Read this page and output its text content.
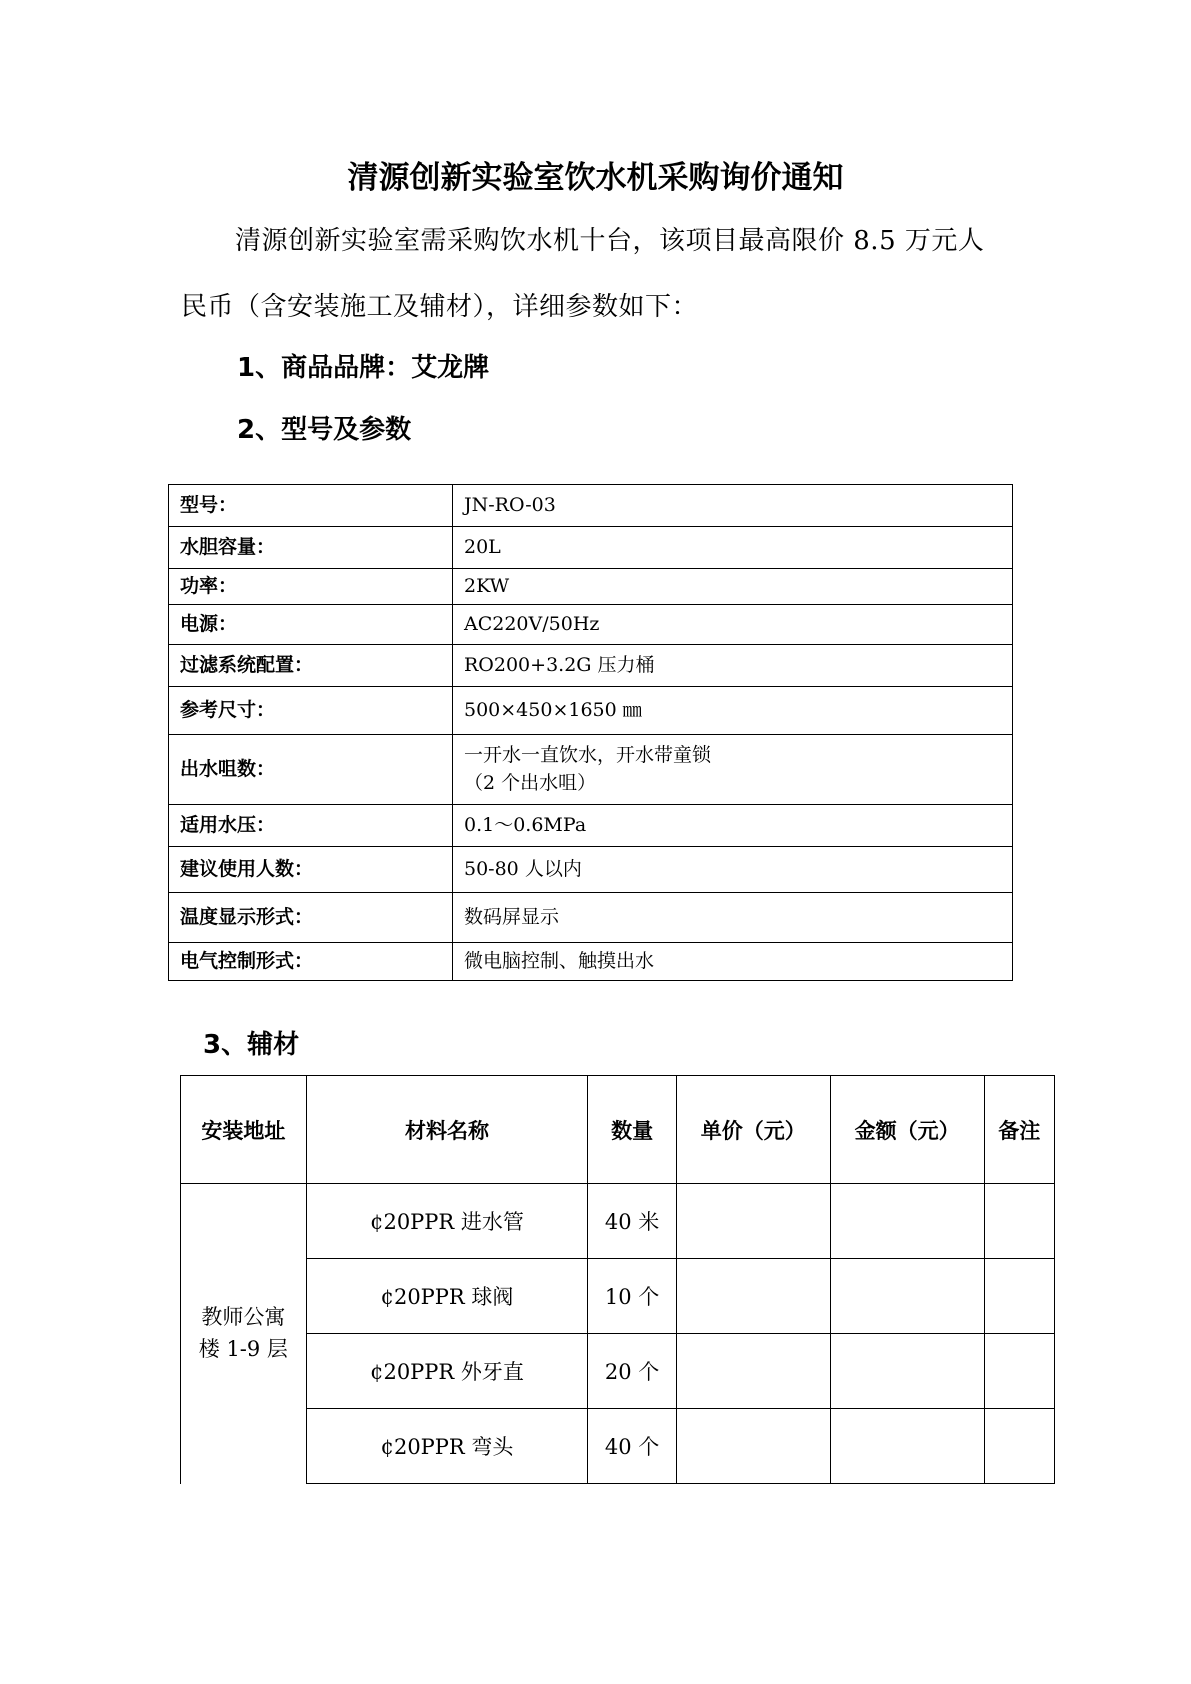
清源创新实验室饮水机采购询价通知
清源创新实验室需采购饮水机十台，该项目最高限价 8.5 万元人
民币（含安装施工及辅材），详细参数如下：
1、商品品牌：艾龙牌
2、型号及参数
型号：	JN-RO-03
水胆容量：	20L
功率：	2KW
电源：	AC220V/50Hz
过滤系统配置：	RO200+3.2G 压力桶
参考尺寸：	500×450×1650 ㎜
出水咀数：	一开水一直饮水，开水带童锁
（2 个出水咀）

适用水压：	0.1～0.6MPa
建议使用人数：	50-80 人以内
温度显示形式：	数码屏显示
电气控制形式：	微电脑控制、触摸出水
3、辅材
安装地址	材料名称	数量	单价（元）	金额（元）	备注

教师公寓
楼 1-9 层	¢20PPR 进水管	40 米			
	¢20PPR 球阀	10 个			
	¢20PPR 外牙直	20 个			
	¢20PPR 弯头	40 个			
